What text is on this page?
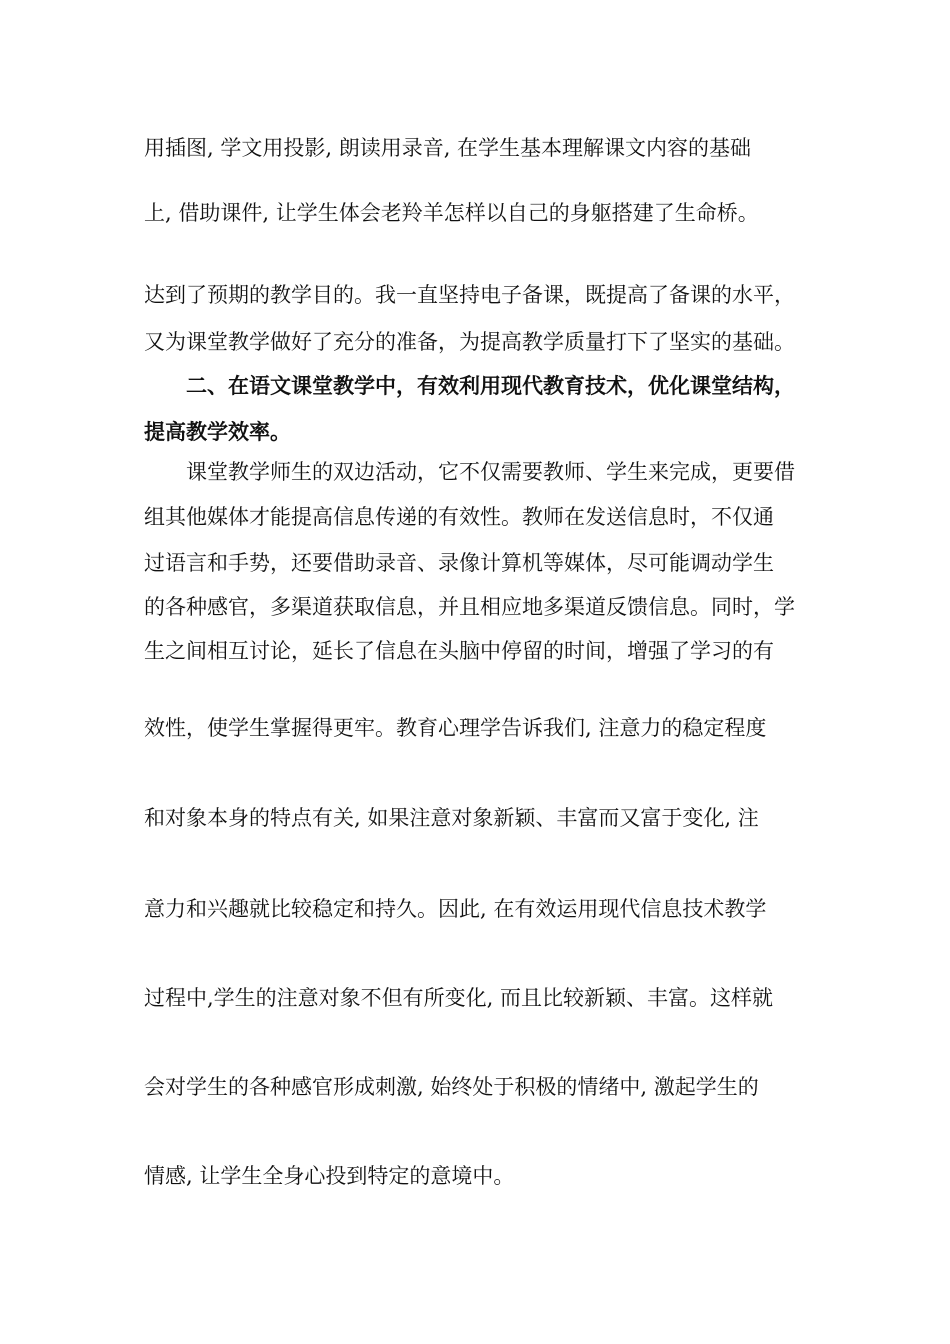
用插图, 学文用投影, 朗读用录音, 在学生基本理解课文内容的基础
上, 借助课件, 让学生体会老羚羊怎样以自己的身躯搭建了生命桥。
达到了预期的教学目的。我一直坚持电子备课，既提高了备课的水平，
又为课堂教学做好了充分的准备，为提高教学质量打下了坚实的基础。
二、在语文课堂教学中，有效利用现代教育技术，优化课堂结构，
提高教学效率。
课堂教学师生的双边活动，它不仅需要教师、学生来完成，更要借
组其他媒体才能提高信息传递的有效性。教师在发送信息时，不仅通
过语言和手势，还要借助录音、录像计算机等媒体，尽可能调动学生
的各种感官，多渠道获取信息，并且相应地多渠道反馈信息。同时，学
生之间相互讨论，延长了信息在头脑中停留的时间，增强了学习的有
效性，使学生掌握得更牢。教育心理学告诉我们, 注意力的稳定程度
和对象本身的特点有关, 如果注意对象新颖、丰富而又富于变化, 注
意力和兴趣就比较稳定和持久。因此, 在有效运用现代信息技术教学
过程中,学生的注意对象不但有所变化, 而且比较新颖、丰富。这样就
会对学生的各种感官形成刺激, 始终处于积极的情绪中, 激起学生的
情感, 让学生全身心投到特定的意境中。
